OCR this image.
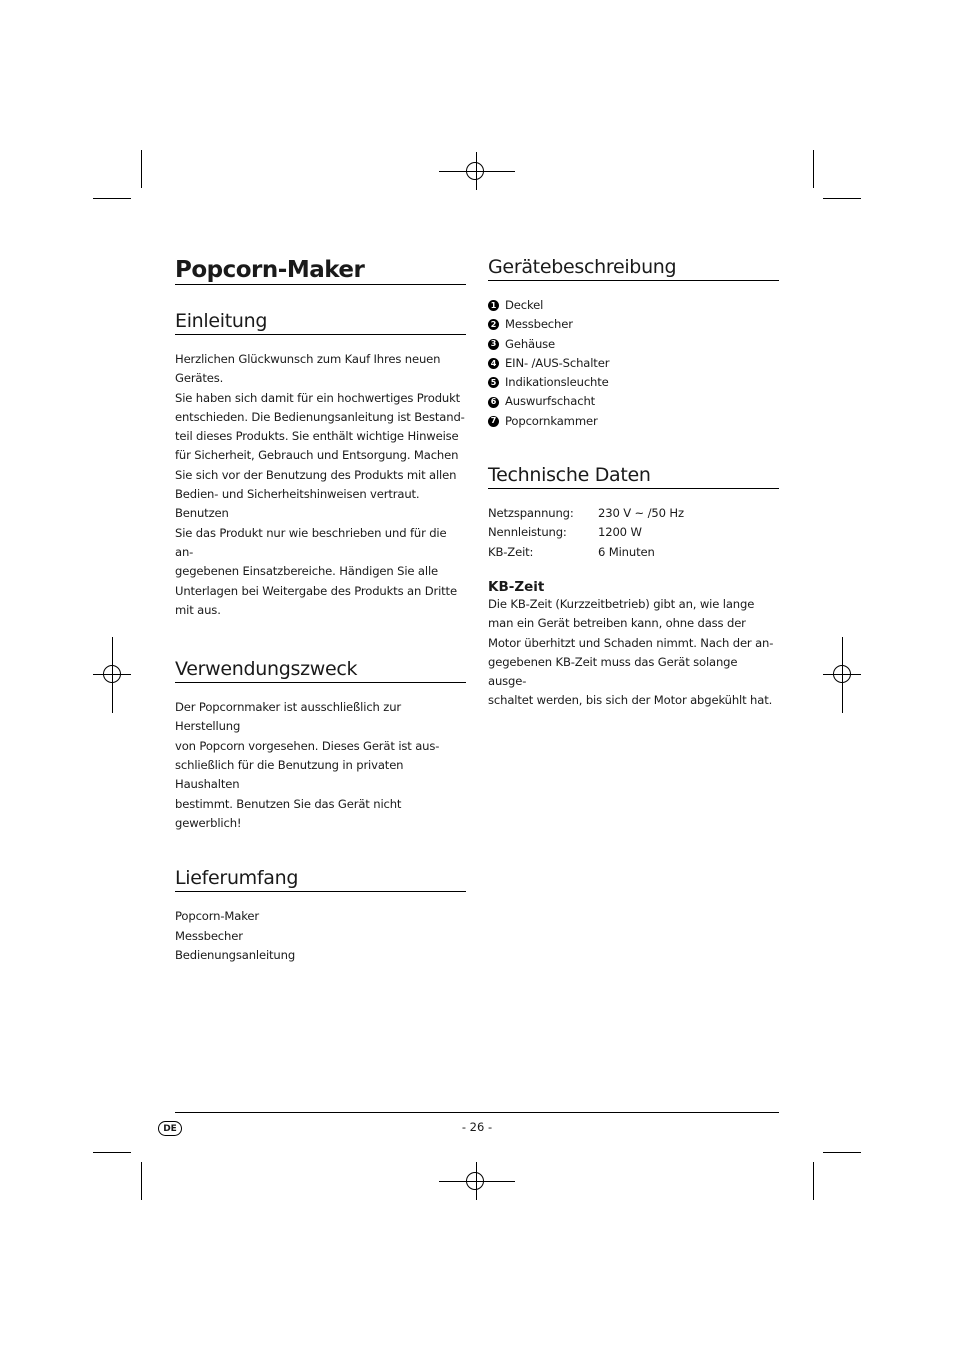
Popcorn-Maker
Einleitung

Herzlichen Glückwunsch zum Kauf Ihres neuen
Gerätes.
Sie haben sich damit für ein hochwertiges Produkt
entschieden. Die Bedienungsanleitung ist Bestand-
teil dieses Produkts. Sie enthält wichtige Hinweise
für Sicherheit, Gebrauch und Entsorgung. Machen
Sie sich vor der Benutzung des Produkts mit allen
Bedien- und Sicherheitshinweisen vertraut. Benutzen
Sie das Produkt nur wie beschrieben und für die an-
gegebenen Einsatzbereiche. Händigen Sie alle
Unterlagen bei Weitergabe des Produkts an Dritte
mit aus.

Verwendungszweck

Der Popcornmaker ist ausschließlich zur Herstellung
von Popcorn vorgesehen. Dieses Gerät ist aus-
schließlich für die Benutzung in privaten Haushalten
bestimmt. Benutzen Sie das Gerät nicht gewerblich!

Lieferumfang
Popcorn-Maker
Messbecher
Bedienungsanleitung
Gerätebeschreibung
1 Deckel
2 Messbecher
3 Gehäuse
4 EIN- /AUS-Schalter
5 Indikationsleuchte
6 Auswurfschacht
7 Popcornkammer
Technische Daten
Netzspannung:	230 V ~ /50 Hz
Nennleistung:	1200 W
KB-Zeit:	6 Minuten
KB-Zeit

Die KB-Zeit (Kurzzeitbetrieb) gibt an, wie lange
man ein Gerät betreiben kann, ohne dass der
Motor überhitzt und Schaden nimmt. Nach der an-
gegebenen KB-Zeit muss das Gerät solange ausge-
schaltet werden, bis sich der Motor abgekühlt hat.

DE	- 26 -
